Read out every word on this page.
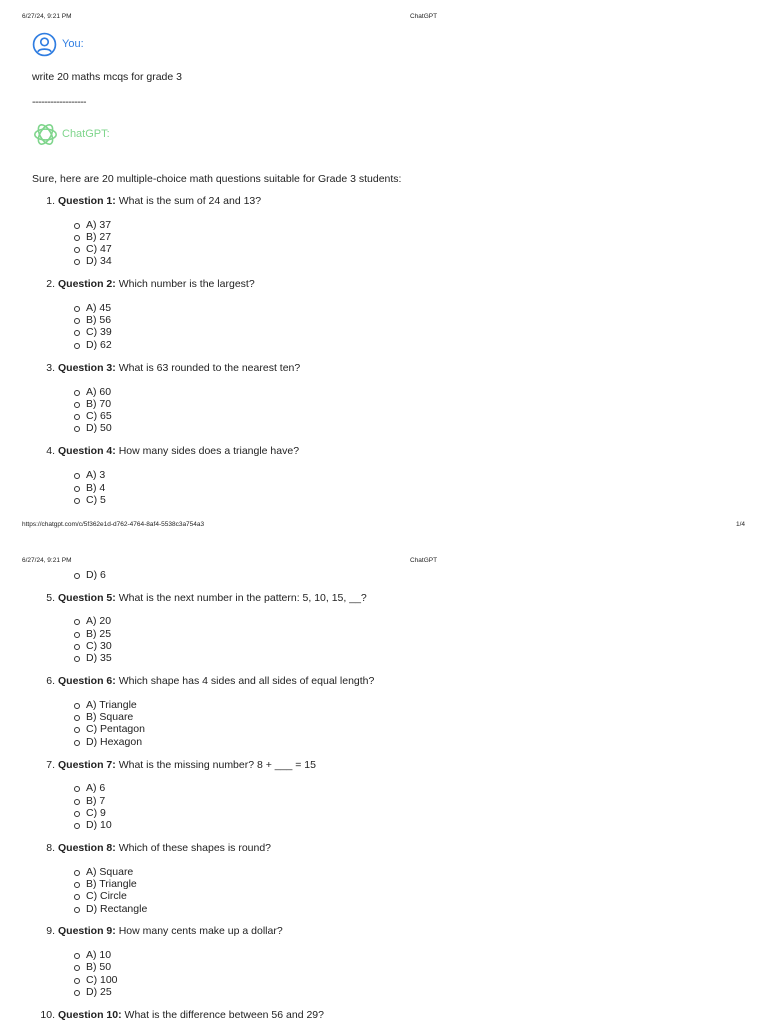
6/27/24, 9:21 PM	ChatGPT
You:
write 20 maths mcqs for grade 3
------------------
ChatGPT:
Sure, here are 20 multiple-choice math questions suitable for Grade 3 students:
1. Question 1: What is the sum of 24 and 13?
A) 37
B) 27
C) 47
D) 34
2. Question 2: Which number is the largest?
A) 45
B) 56
C) 39
D) 62
3. Question 3: What is 63 rounded to the nearest ten?
A) 60
B) 70
C) 65
D) 50
4. Question 4: How many sides does a triangle have?
A) 3
B) 4
C) 5
D) 6
5. Question 5: What is the next number in the pattern: 5, 10, 15, __?
A) 20
B) 25
C) 30
D) 35
6. Question 6: Which shape has 4 sides and all sides of equal length?
A) Triangle
B) Square
C) Pentagon
D) Hexagon
7. Question 7: What is the missing number? 8 + ___ = 15
A) 6
B) 7
C) 9
D) 10
8. Question 8: Which of these shapes is round?
A) Square
B) Triangle
C) Circle
D) Rectangle
9. Question 9: How many cents make up a dollar?
A) 10
B) 50
C) 100
D) 25
10. Question 10: What is the difference between 56 and 29?
https://chatgpt.com/c/5f362e1d-d762-4764-8af4-5538c3a754a3	1/4
6/27/24, 9:21 PM	ChatGPT
